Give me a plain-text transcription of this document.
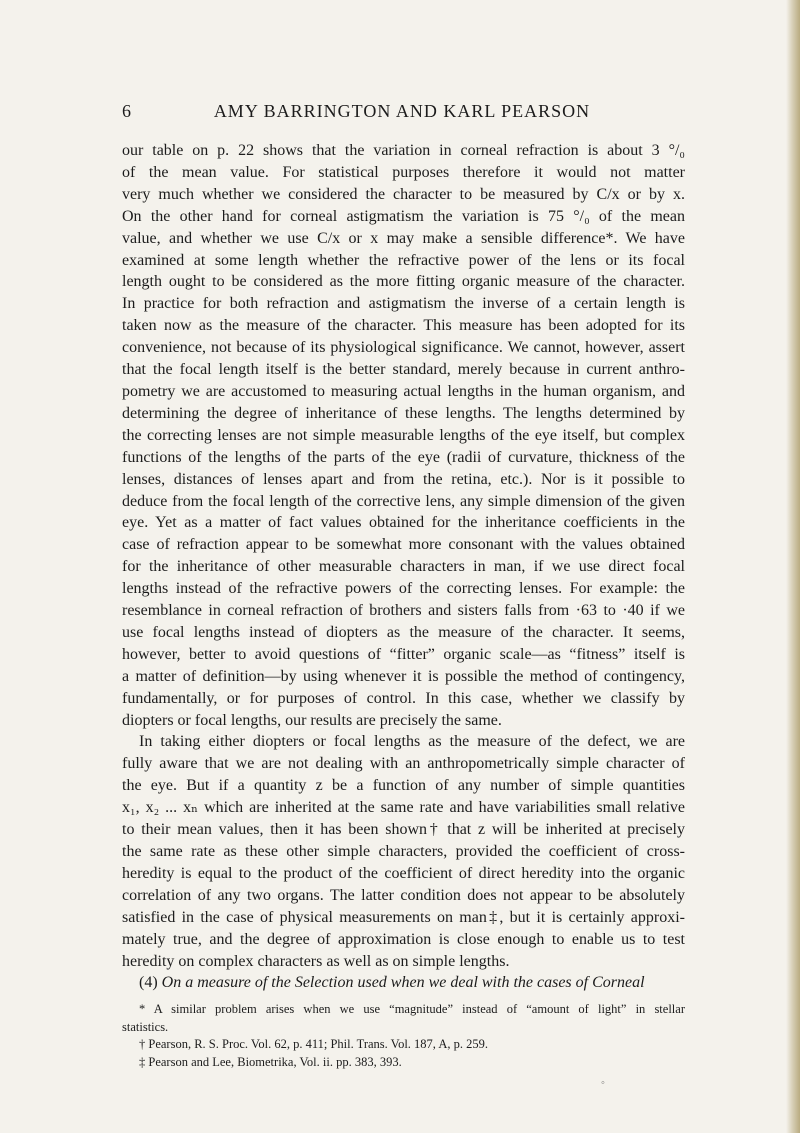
6	AMY BARRINGTON AND KARL PEARSON
our table on p. 22 shows that the variation in corneal refraction is about 3 °/₀
of the mean value. For statistical purposes therefore it would not matter
very much whether we considered the character to be measured by C/x or by x.
On the other hand for corneal astigmatism the variation is 75 °/₀ of the mean
value, and whether we use C/x or x may make a sensible difference*. We have
examined at some length whether the refractive power of the lens or its focal
length ought to be considered as the more fitting organic measure of the character.
In practice for both refraction and astigmatism the inverse of a certain length is
taken now as the measure of the character. This measure has been adopted for its
convenience, not because of its physiological significance. We cannot, however, assert
that the focal length itself is the better standard, merely because in current anthro-
pometry we are accustomed to measuring actual lengths in the human organism, and
determining the degree of inheritance of these lengths. The lengths determined by
the correcting lenses are not simple measurable lengths of the eye itself, but complex
functions of the lengths of the parts of the eye (radii of curvature, thickness of the
lenses, distances of lenses apart and from the retina, etc.). Nor is it possible to
deduce from the focal length of the corrective lens, any simple dimension of the given
eye. Yet as a matter of fact values obtained for the inheritance coefficients in the
case of refraction appear to be somewhat more consonant with the values obtained
for the inheritance of other measurable characters in man, if we use direct focal
lengths instead of the refractive powers of the correcting lenses. For example: the
resemblance in corneal refraction of brothers and sisters falls from ·63 to ·40 if we
use focal lengths instead of diopters as the measure of the character. It seems,
however, better to avoid questions of “fitter” organic scale—as “fitness” itself is
a matter of definition—by using whenever it is possible the method of contingency,
fundamentally, or for purposes of control. In this case, whether we classify by
diopters or focal lengths, our results are precisely the same.
In taking either diopters or focal lengths as the measure of the defect, we are
fully aware that we are not dealing with an anthropometrically simple character of
the eye. But if a quantity z be a function of any number of simple quantities
x₁, x₂ ... xₙ which are inherited at the same rate and have variabilities small relative
to their mean values, then it has been shown† that z will be inherited at precisely
the same rate as these other simple characters, provided the coefficient of cross-
heredity is equal to the product of the coefficient of direct heredity into the organic
correlation of any two organs. The latter condition does not appear to be absolutely
satisfied in the case of physical measurements on man‡, but it is certainly approxi-
mately true, and the degree of approximation is close enough to enable us to test
heredity on complex characters as well as on simple lengths.
(4) On a measure of the Selection used when we deal with the cases of Corneal
* A similar problem arises when we use “magnitude” instead of “amount of light” in stellar
statistics.
† Pearson, R. S. Proc. Vol. 62, p. 411; Phil. Trans. Vol. 187, A, p. 259.
‡ Pearson and Lee, Biometrika, Vol. ii. pp. 383, 393.
◦
